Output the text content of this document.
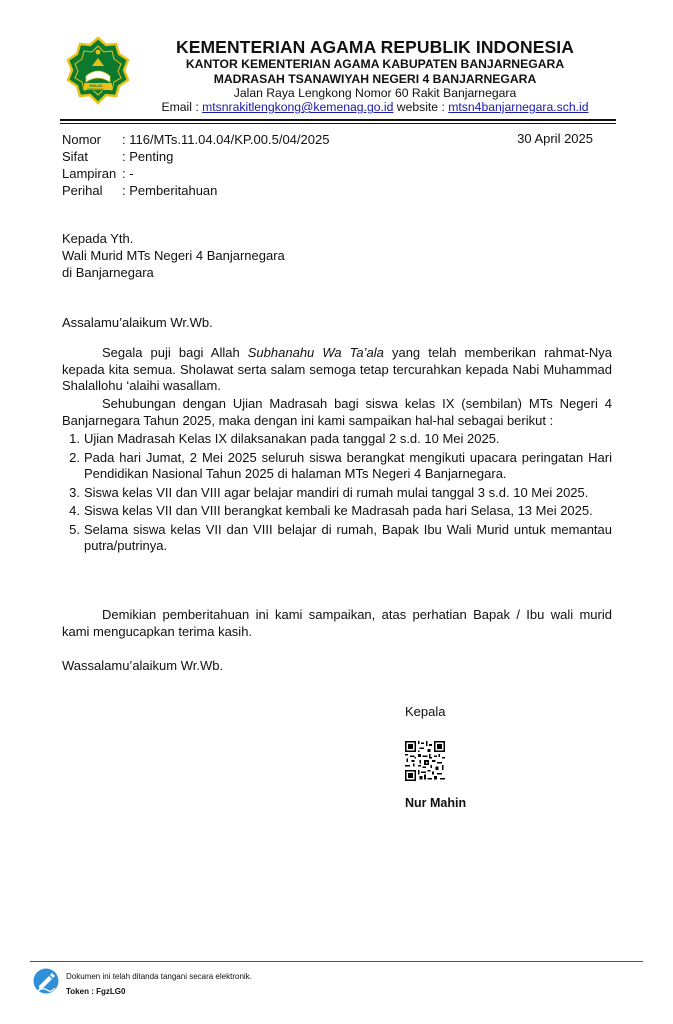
IKHLAS BERAMAL
KEMENTERIAN AGAMA REPUBLIK INDONESIA
KANTOR KEMENTERIAN AGAMA KABUPATEN BANJARNEGARA
MADRASAH TSANAWIYAH NEGERI 4 BANJARNEGARA
Jalan Raya Lengkong Nomor 60 Rakit Banjarnegara
Email : mtsnrakitlengkong@kemenag.go.id website : mtsn4banjarnegara.sch.id
Nomor : 116/MTs.11.04.04/KP.00.5/04/2025	30 April 2025
Sifat	: Penting
Lampiran : -
Perihal : Pemberitahuan
Kepada Yth.
Wali Murid MTs Negeri 4 Banjarnegara
di Banjarnegara
Assalamu’alaikum Wr.Wb.
Segala puji bagi Allah Subhanahu Wa Ta’ala yang telah memberikan rahmat-Nya kepada kita semua. Sholawat serta salam semoga tetap tercurahkan kepada Nabi Muhammad Shalallohu ‘alaihi wasallam.
Sehubungan dengan Ujian Madrasah bagi siswa kelas IX (sembilan) MTs Negeri 4 Banjarnegara Tahun 2025, maka dengan ini kami sampaikan hal-hal sebagai berikut :
1. Ujian Madrasah Kelas IX dilaksanakan pada tanggal 2 s.d. 10 Mei 2025.
2. Pada hari Jumat, 2 Mei 2025 seluruh siswa berangkat mengikuti upacara peringatan Hari Pendidikan Nasional Tahun 2025 di halaman MTs Negeri 4 Banjarnegara.
3. Siswa kelas VII dan VIII agar belajar mandiri di rumah mulai tanggal 3 s.d. 10 Mei 2025.
4. Siswa kelas VII dan VIII berangkat kembali ke Madrasah pada hari Selasa, 13 Mei 2025.
5. Selama siswa kelas VII dan VIII belajar di rumah, Bapak Ibu Wali Murid untuk memantau putra/putrinya.
Demikian pemberitahuan ini kami sampaikan, atas perhatian Bapak / Ibu wali murid kami mengucapkan terima kasih.
Wassalamu’alaikum Wr.Wb.
Kepala
Nur Mahin
Dokumen ini telah ditanda tangani secara elektronik.
Token : FgzLG0
